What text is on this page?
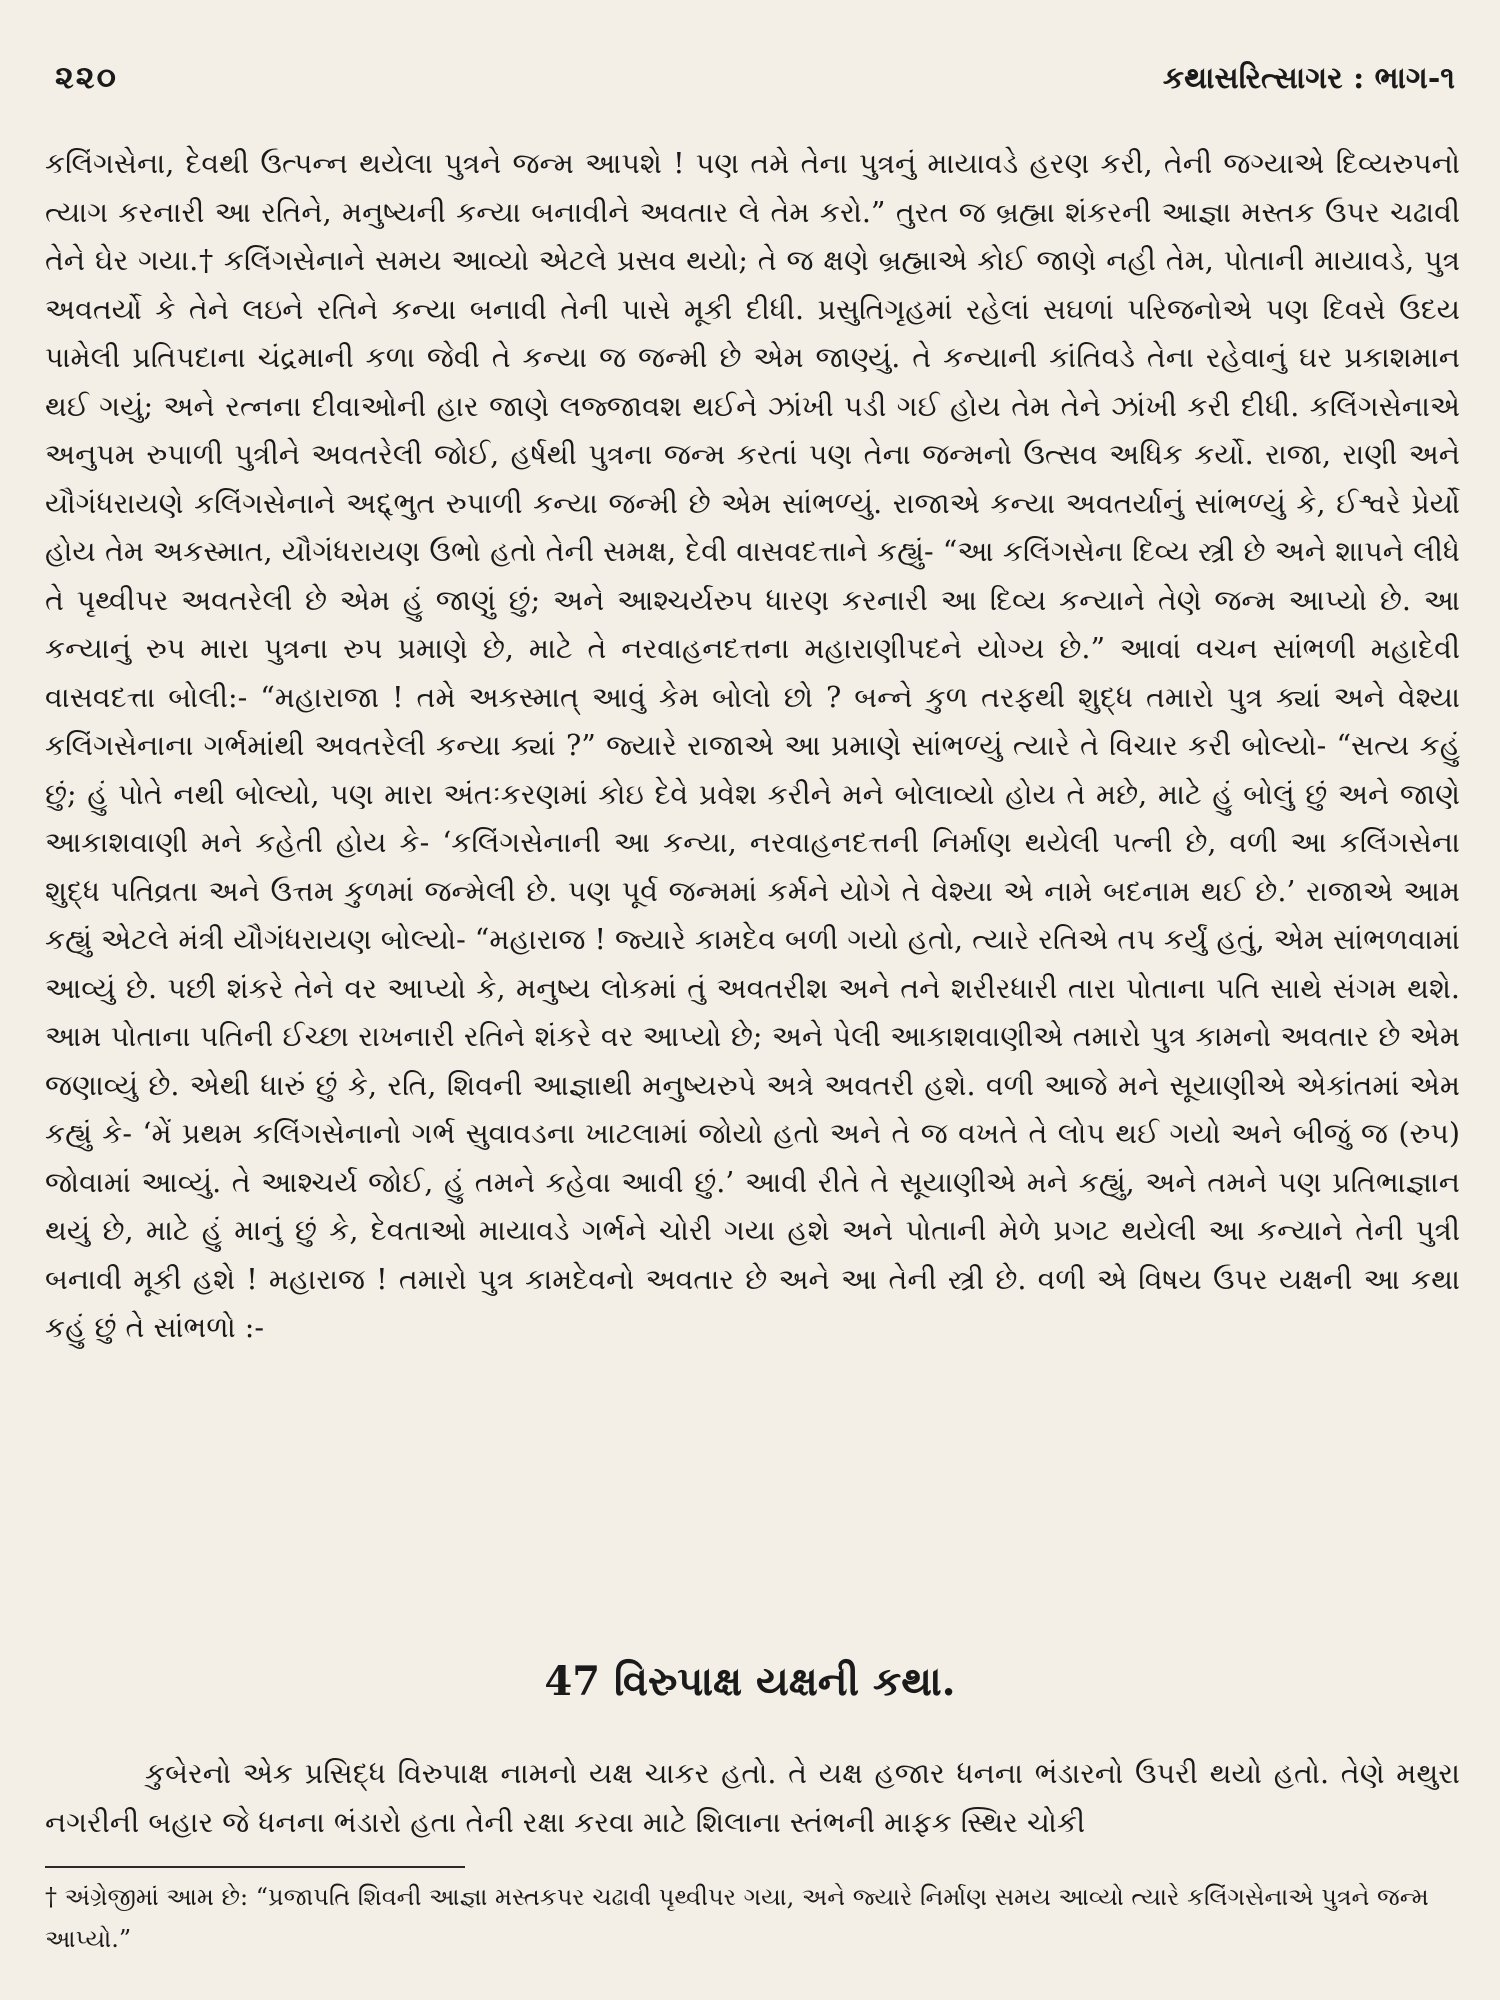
૨૨૦	કથાસરિત્સાગર : ભાગ-૧

કલિંગસેના, દેવથી ઉત્પન્ન થયેલા પુત્રને જન્મ આપશે ! પણ તમે તેના પુત્રનું માયાવડે હરણ કરી, તેની જગ્યાએ દિવ્યરુપનો ત્યાગ કરનારી આ રતિને, મનુષ્યની કન્યા બનાવીને અવતાર લે તેમ કરો.” તુરત જ બ્રહ્મા શંકરની આજ્ઞા મસ્તક ઉપર ચઢાવી તેને ઘેર ગયા.† કલિંગસેનાને સમય આવ્યો એટલે પ્રસવ થયો; તે જ ક્ષણે બ્રહ્માએ કોઈ જાણે નહી તેમ, પોતાની માયાવડે, પુત્ર અવતર્યો કે તેને લઇને રતિને કન્યા બનાવી તેની પાસે મૂકી દીધી. પ્રસુતિગૃહમાં રહેલાં સઘળાં પરિજનોએ પણ દિવસે ઉદય પામેલી પ્રતિપદાના ચંદ્રમાની કળા જેવી તે કન્યા જ જન્મી છે એમ જાણ્યું. તે કન્યાની કાંતિવડે તેના રહેવાનું ઘર પ્રકાશમાન થઈ ગયું; અને રત્નના દીવાઓની હાર જાણે લજ્જાવશ થઈને ઝાંખી પડી ગઈ હોય તેમ તેને ઝાંખી કરી દીધી. કલિંગસેનાએ અનુપમ રુપાળી પુત્રીને અવતરેલી જોઈ, હર્ષથી પુત્રના જન્મ કરતાં પણ તેના જન્મનો ઉત્સવ અધિક કર્યો. રાજા, રાણી અને યૌગંધરાયણે કલિંગસેનાને અદ્દ્ભુત રુપાળી કન્યા જન્મી છે એમ સાંભળ્યું. રાજાએ કન્યા અવતર્યાનું સાંભળ્યું કે, ઈશ્વરે પ્રેર્યો હોય તેમ અકસ્માત, યૌગંધરાયણ ઉભો હતો તેની સમક્ષ, દેવી વાસવદત્તાને કહ્યું- “આ કલિંગસેના દિવ્ય સ્ત્રી છે અને શાપને લીધે તે પૃથ્વીપર અવતરેલી છે એમ હું જાણું છું; અને આશ્ચર્યરુપ ધારણ કરનારી આ દિવ્ય કન્યાને તેણે જન્મ આપ્યો છે. આ કન્યાનું રુપ મારા પુત્રના રુપ પ્રમાણે છે, માટે તે નરવાહનદત્તના મહારાણીપદને યોગ્ય છે.” આવાં વચન સાંભળી મહાદેવી વાસવદત્તા બોલી:- “મહારાજા ! તમે અકસ્માત્ આવું કેમ બોલો છો ? બન્ને કુળ તરફથી શુદ્ધ તમારો પુત્ર ક્યાં અને વેશ્યા કલિંગસેનાના ગર્ભમાંથી અવતરેલી કન્યા ક્યાં ?” જ્યારે રાજાએ આ પ્રમાણે સાંભળ્યું ત્યારે તે વિચાર કરી બોલ્યો- “સત્ય કહું છું; હું પોતે નથી બોલ્યો, પણ મારા અંતઃકરણમાં કોઇ દેવે પ્રવેશ કરીને મને બોલાવ્યો હોય તે મછે, માટે હું બોલું છું અને જાણે આકાશવાણી મને કહેતી હોય કે- ‘કલિંગસેનાની આ કન્યા, નરવાહનદત્તની નિર્માણ થયેલી પત્ની છે, વળી આ કલિંગસેના શુદ્ધ પતિવ્રતા અને ઉત્તમ કુળમાં જન્મેલી છે. પણ પૂર્વ જન્મમાં કર્મને યોગે તે વેશ્યા એ નામે બદનામ થઈ છે.’ રાજાએ આમ કહ્યું એટલે મંત્રી યૌગંધરાયણ બોલ્યો- “મહારાજ ! જ્યારે કામદેવ બળી ગયો હતો, ત્યારે રતિએ તપ કર્યું હતું, એમ સાંભળવામાં આવ્યું છે. પછી શંકરે તેને વર આપ્યો કે, મનુષ્ય લોકમાં તું અવતરીશ અને તને શરીરધારી તારા પોતાના પતિ સાથે સંગમ થશે. આમ પોતાના પતિની ઈચ્છા રાખનારી રતિને શંકરે વર આપ્યો છે; અને પેલી આકાશવાણીએ તમારો પુત્ર કામનો અવતાર છે એમ જણાવ્યું છે. એથી ધારું છું કે, રતિ, શિવની આજ્ઞાથી મનુષ્યરુપે અત્રે અવતરી હશે. વળી આજે મને સૂયાણીએ એકાંતમાં એમ કહ્યું કે- ‘મેં પ્રથમ કલિંગસેનાનો ગર્ભ સુવાવડના ખાટલામાં જોયો હતો અને તે જ વખતે તે લોપ થઈ ગયો અને બીજું જ (રુપ) જોવામાં આવ્યું. તે આશ્ચર્ય જોઈ, હું તમને કહેવા આવી છું.’ આવી રીતે તે સૂયાણીએ મને કહ્યું, અને તમને પણ પ્રતિભાજ્ઞાન થયું છે, માટે હું માનું છું કે, દેવતાઓ માયાવડે ગર્ભને ચોરી ગયા હશે અને પોતાની મેળે પ્રગટ થયેલી આ કન્યાને તેની પુત્રી બનાવી મૂકી હશે ! મહારાજ ! તમારો પુત્ર કામદેવનો અવતાર છે અને આ તેની સ્ત્રી છે. વળી એ વિષય ઉપર યક્ષની આ કથા કહું છું તે સાંભળો :-

47 વિરુપાક્ષ યક્ષની કથા.

કુબેરનો એક પ્રસિદ્ધ વિરુપાક્ષ નામનો યક્ષ ચાકર હતો. તે યક્ષ હજાર ધનના ભંડારનો ઉપરી થયો હતો. તેણે મથુરા નગરીની બહાર જે ધનના ભંડારો હતા તેની રક્ષા કરવા માટે શિલાના સ્તંભની માફક સ્થિર ચોકી

† અંગ્રેજીમાં આમ છે: “પ્રજાપતિ શિવની આજ્ઞા મસ્તકપર ચઢાવી પૃથ્વીપર ગયા, અને જ્યારે નિર્માણ સમય આવ્યો ત્યારે કલિંગસેનાએ પુત્રને જન્મ આપ્યો.”
